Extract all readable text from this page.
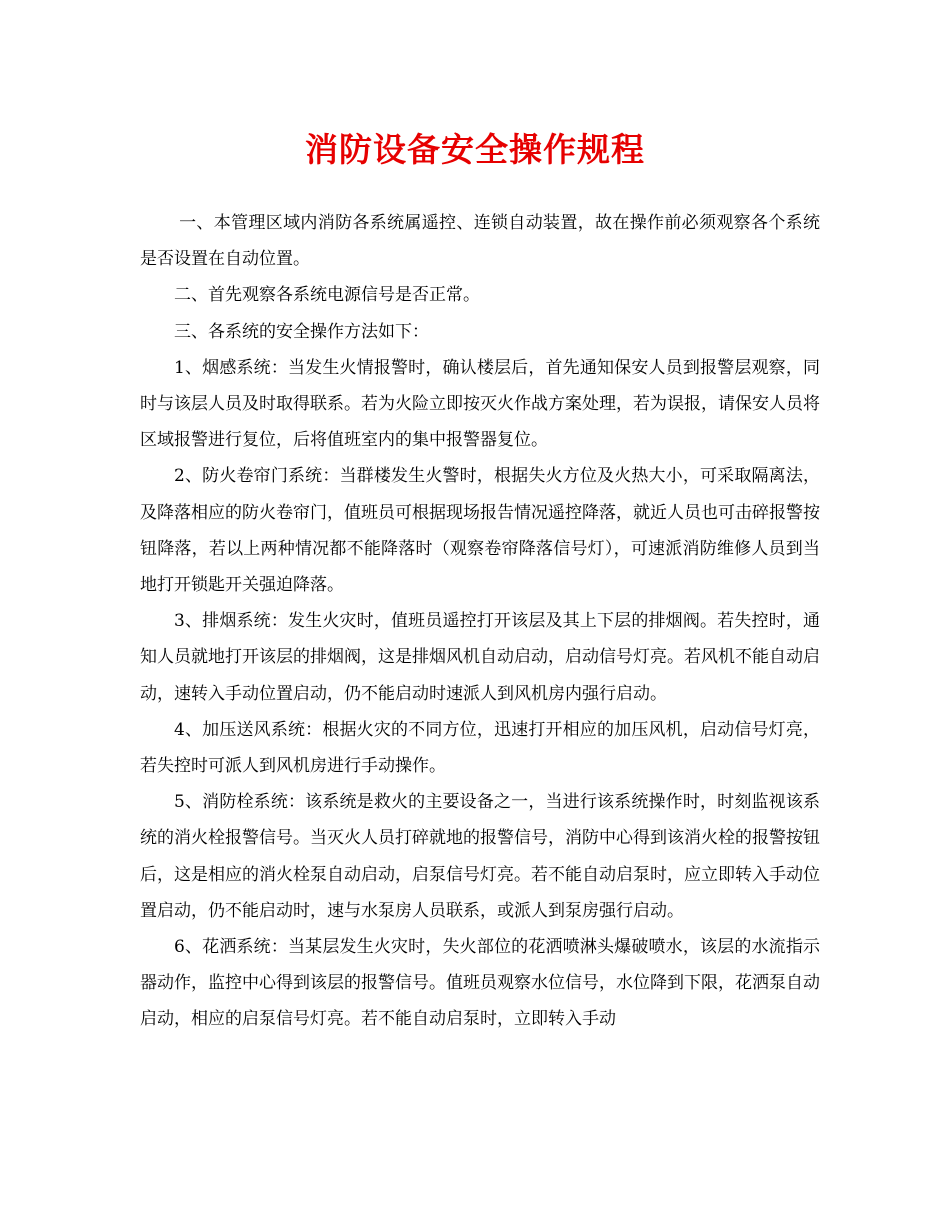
消防设备安全操作规程

一、本管理区域内消防各系统属遥控、连锁自动装置，故在操作前必须观察各个系统是否设置在自动位置。

二、首先观察各系统电源信号是否正常。

三、各系统的安全操作方法如下：

1、烟感系统：当发生火情报警时，确认楼层后，首先通知保安人员到报警层观察，同时与该层人员及时取得联系。若为火险立即按灭火作战方案处理，若为误报，请保安人员将区域报警进行复位，后将值班室内的集中报警器复位。

2、防火卷帘门系统：当群楼发生火警时，根据失火方位及火热大小，可采取隔离法，及降落相应的防火卷帘门，值班员可根据现场报告情况遥控降落，就近人员也可击碎报警按钮降落，若以上两种情况都不能降落时（观察卷帘降落信号灯），可速派消防维修人员到当地打开锁匙开关强迫降落。

3、排烟系统：发生火灾时，值班员遥控打开该层及其上下层的排烟阀。若失控时，通知人员就地打开该层的排烟阀，这是排烟风机自动启动，启动信号灯亮。若风机不能自动启动，速转入手动位置启动，仍不能启动时速派人到风机房内强行启动。

4、加压送风系统：根据火灾的不同方位，迅速打开相应的加压风机，启动信号灯亮，若失控时可派人到风机房进行手动操作。

5、消防栓系统：该系统是救火的主要设备之一，当进行该系统操作时，时刻监视该系统的消火栓报警信号。当灭火人员打碎就地的报警信号，消防中心得到该消火栓的报警按钮后，这是相应的消火栓泵自动启动，启泵信号灯亮。若不能自动启泵时，应立即转入手动位置启动，仍不能启动时，速与水泵房人员联系，或派人到泵房强行启动。

6、花洒系统：当某层发生火灾时，失火部位的花洒喷淋头爆破喷水，该层的水流指示器动作，监控中心得到该层的报警信号。值班员观察水位信号，水位降到下限，花洒泵自动启动，相应的启泵信号灯亮。若不能自动启泵时，立即转入手动
